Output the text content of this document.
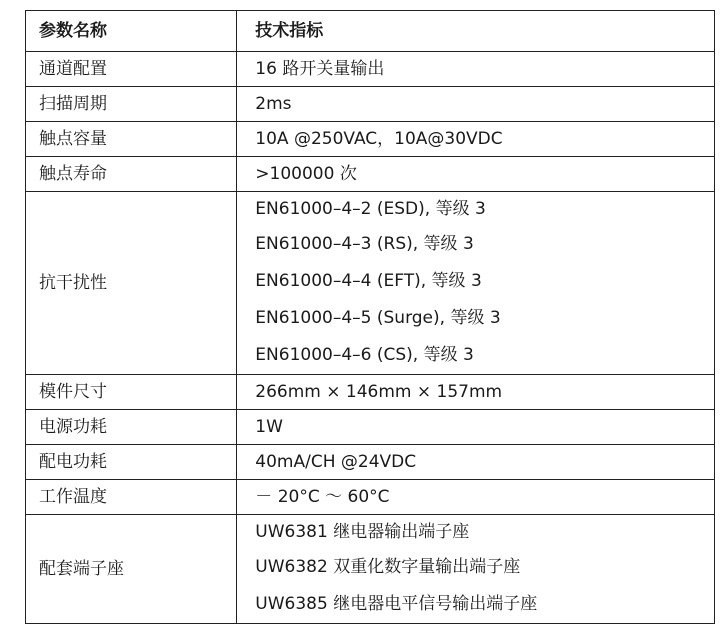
参数名称	技术指标
通道配置	16 路开关量输出
扫描周期	2ms
触点容量	10A @250VAC，10A@30VDC
触点寿命	>100000 次
抗干扰性	EN61000–4–2 (ESD), 等级 3
EN61000–4–3 (RS), 等级 3
EN61000–4–4 (EFT), 等级 3
EN61000–4–5 (Surge), 等级 3
EN61000–4–6 (CS), 等级 3

模件尺寸	266mm × 146mm × 157mm
电源功耗	1W
配电功耗	40mA/CH @24VDC
工作温度	－ 20°C ～ 60°C
配套端子座	UW6381 继电器输出端子座
UW6382 双重化数字量输出端子座
UW6385 继电器电平信号输出端子座
